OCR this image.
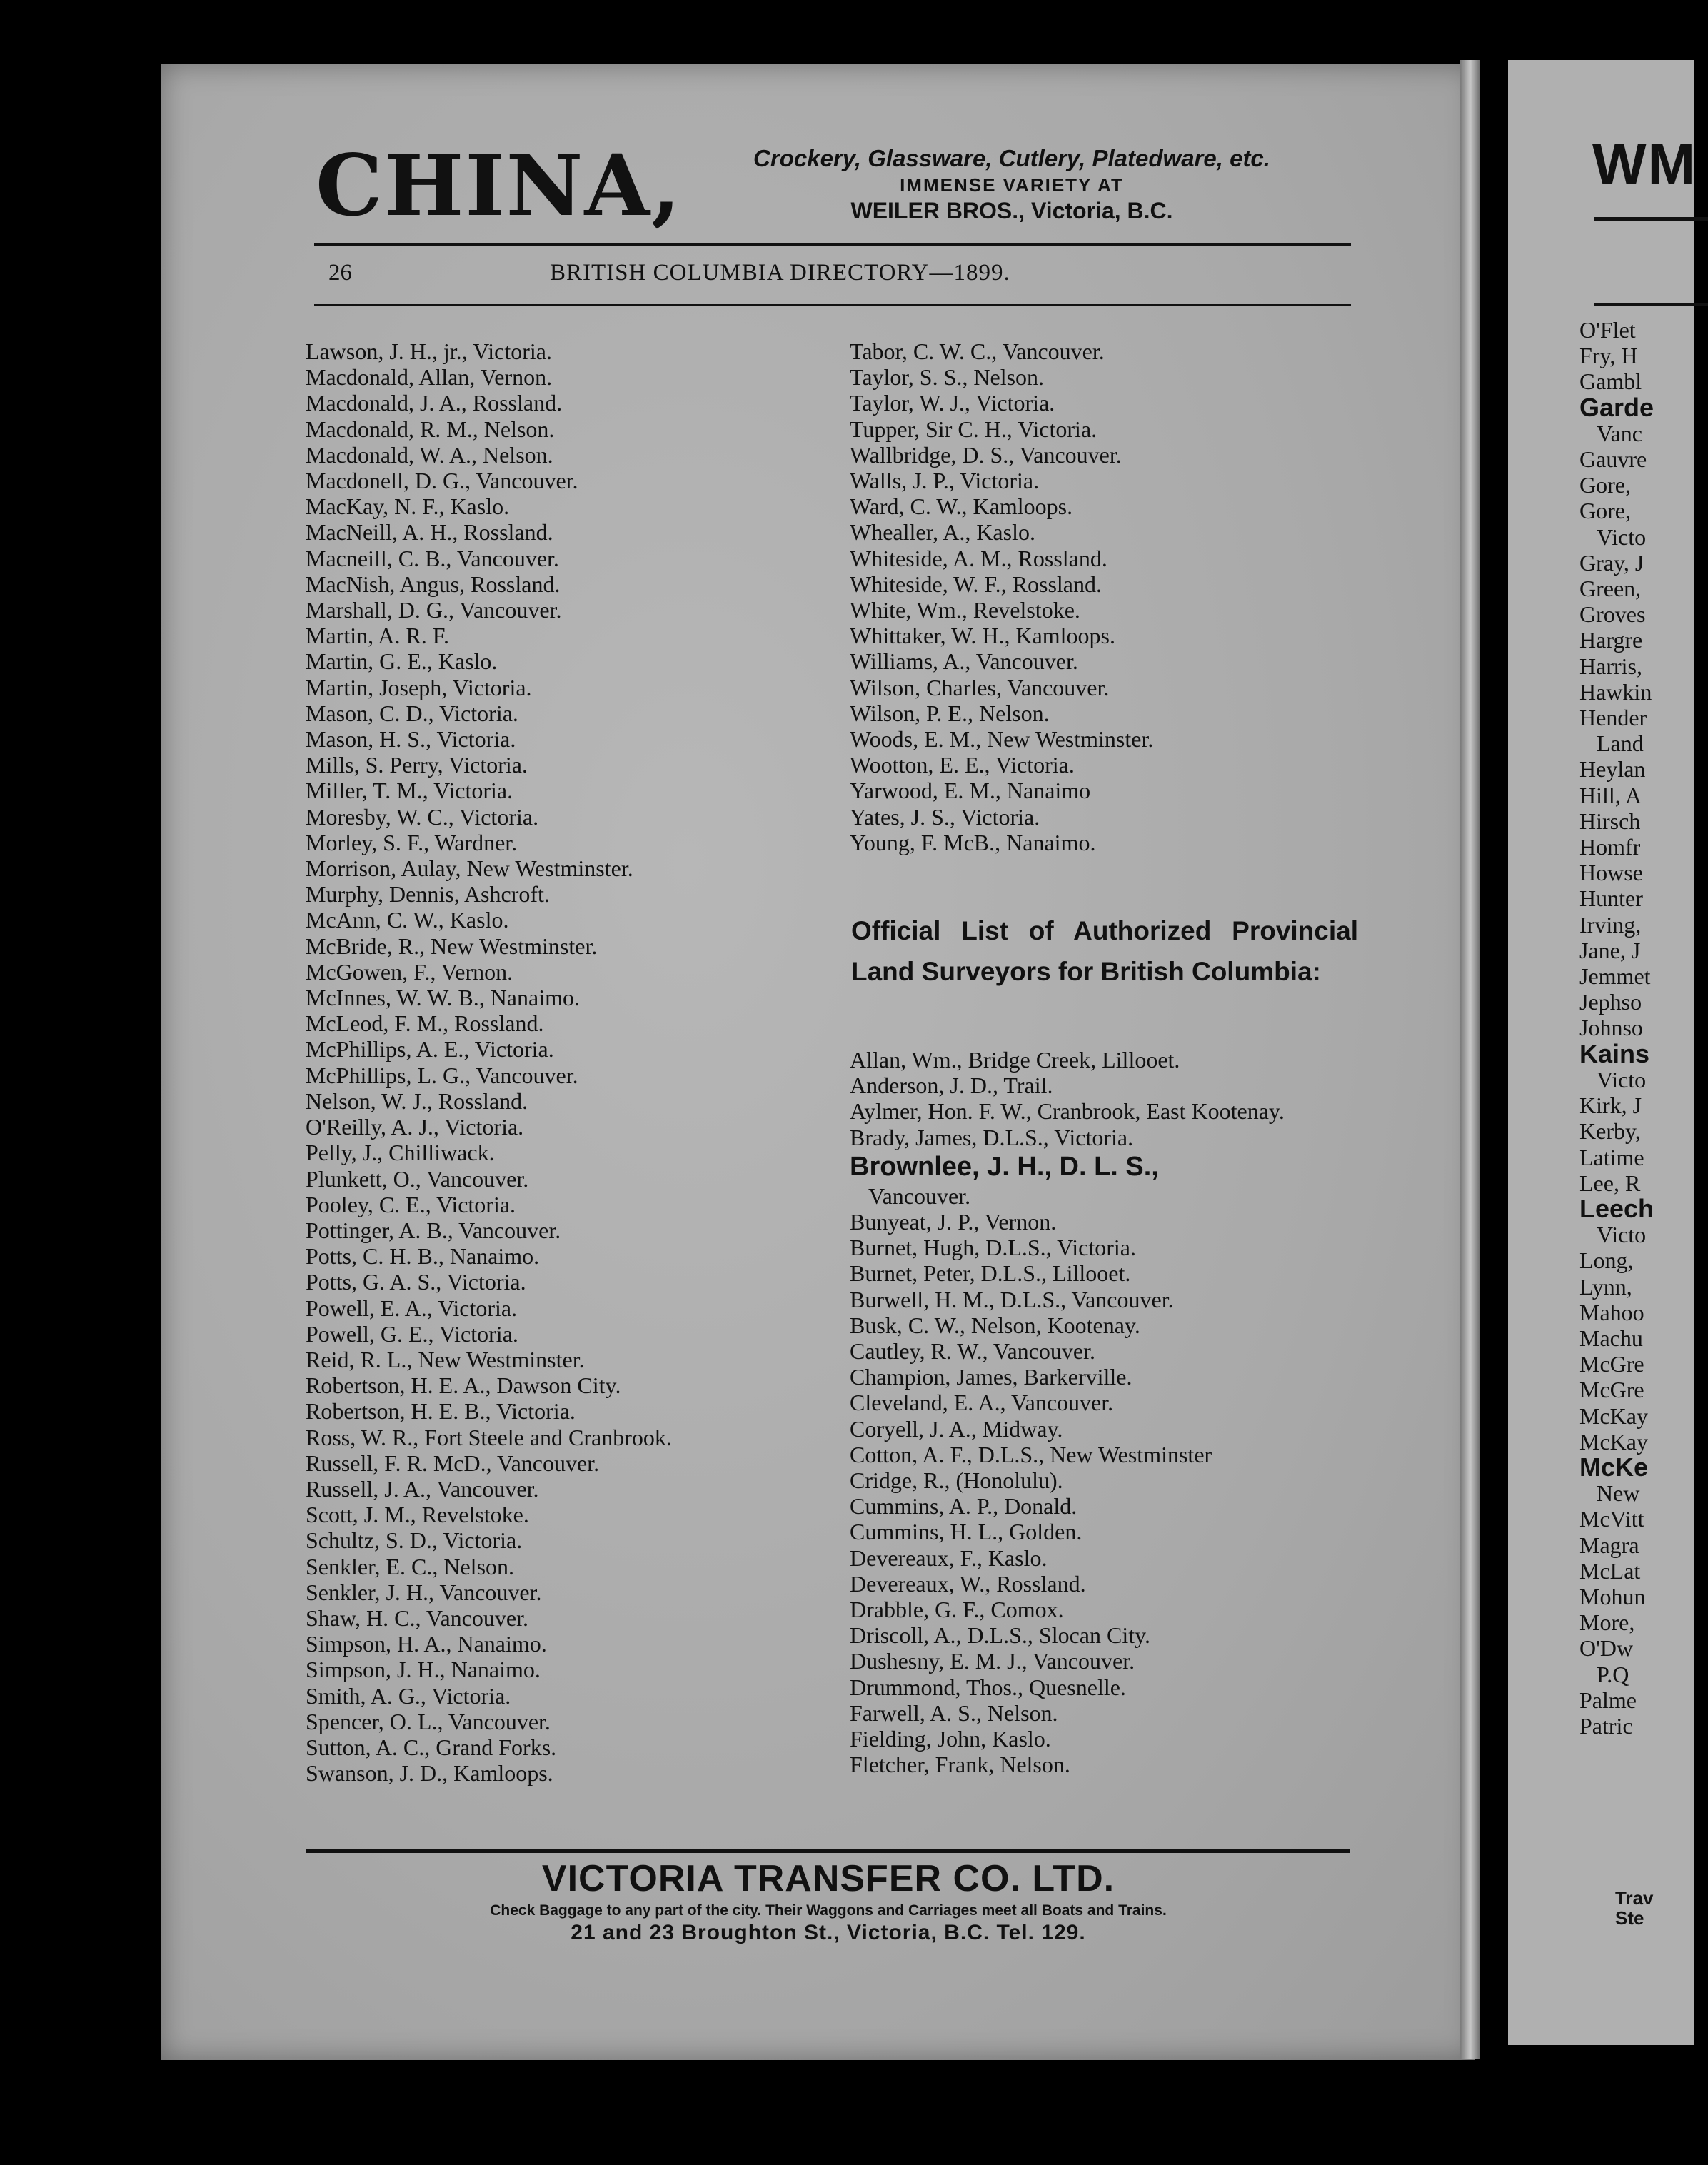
WM
O'Flet
Fry, H
Gambl
Garde
Vanc
Gauvre
Gore,
Gore,
Victo
Gray, J
Green,
Groves
Hargre
Harris,
Hawkin
Hender
Land
Heylan
Hill, A
Hirsch
Homfr
Howse
Hunter
Irving,
Jane, J
Jemmet
Jephso
Johnso
Kains
Victo
Kirk, J
Kerby,
Latime
Lee, R
Leech
Victo
Long,
Lynn,
Mahoo
Machu
McGre
McGre
McKay
McKay
McKe
New
McVitt
Magra
McLat
Mohun
More,
O'Dw
P.Q
Palme
Patric
Trav
Ste
CHINA,	Crockery, Glassware, Cutlery, Platedware, etc.
IMMENSE VARIETY AT
WEILER BROS., Victoria, B.C.
26	BRITISH COLUMBIA DIRECTORY—1899.
Lawson, J. H., jr., Victoria.
Macdonald, Allan, Vernon.
Macdonald, J. A., Rossland.
Macdonald, R. M., Nelson.
Macdonald, W. A., Nelson.
Macdonell, D. G., Vancouver.
MacKay, N. F., Kaslo.
MacNeill, A. H., Rossland.
Macneill, C. B., Vancouver.
MacNish, Angus, Rossland.
Marshall, D. G., Vancouver.
Martin, A. R. F.
Martin, G. E., Kaslo.
Martin, Joseph, Victoria.
Mason, C. D., Victoria.
Mason, H. S., Victoria.
Mills, S. Perry, Victoria.
Miller, T. M., Victoria.
Moresby, W. C., Victoria.
Morley, S. F., Wardner.
Morrison, Aulay, New Westminster.
Murphy, Dennis, Ashcroft.
McAnn, C. W., Kaslo.
McBride, R., New Westminster.
McGowen, F., Vernon.
McInnes, W. W. B., Nanaimo.
McLeod, F. M., Rossland.
McPhillips, A. E., Victoria.
McPhillips, L. G., Vancouver.
Nelson, W. J., Rossland.
O'Reilly, A. J., Victoria.
Pelly, J., Chilliwack.
Plunkett, O., Vancouver.
Pooley, C. E., Victoria.
Pottinger, A. B., Vancouver.
Potts, C. H. B., Nanaimo.
Potts, G. A. S., Victoria.
Powell, E. A., Victoria.
Powell, G. E., Victoria.
Reid, R. L., New Westminster.
Robertson, H. E. A., Dawson City.
Robertson, H. E. B., Victoria.
Ross, W. R., Fort Steele and Cranbrook.
Russell, F. R. McD., Vancouver.
Russell, J. A., Vancouver.
Scott, J. M., Revelstoke.
Schultz, S. D., Victoria.
Senkler, E. C., Nelson.
Senkler, J. H., Vancouver.
Shaw, H. C., Vancouver.
Simpson, H. A., Nanaimo.
Simpson, J. H., Nanaimo.
Smith, A. G., Victoria.
Spencer, O. L., Vancouver.
Sutton, A. C., Grand Forks.
Swanson, J. D., Kamloops.
Tabor, C. W. C., Vancouver.
Taylor, S. S., Nelson.
Taylor, W. J., Victoria.
Tupper, Sir C. H., Victoria.
Wallbridge, D. S., Vancouver.
Walls, J. P., Victoria.
Ward, C. W., Kamloops.
Whealler, A., Kaslo.
Whiteside, A. M., Rossland.
Whiteside, W. F., Rossland.
White, Wm., Revelstoke.
Whittaker, W. H., Kamloops.
Williams, A., Vancouver.
Wilson, Charles, Vancouver.
Wilson, P. E., Nelson.
Woods, E. M., New Westminster.
Wootton, E. E., Victoria.
Yarwood, E. M., Nanaimo
Yates, J. S., Victoria.
Young, F. McB., Nanaimo.
Official List of Authorized Provincial Land Surveyors for British Columbia:
Allan, Wm., Bridge Creek, Lillooet.
Anderson, J. D., Trail.
Aylmer, Hon. F. W., Cranbrook, East Kootenay.
Brady, James, D.L.S., Victoria.
Brownlee, J. H., D. L. S.,
Vancouver.
Bunyeat, J. P., Vernon.
Burnet, Hugh, D.L.S., Victoria.
Burnet, Peter, D.L.S., Lillooet.
Burwell, H. M., D.L.S., Vancouver.
Busk, C. W., Nelson, Kootenay.
Cautley, R. W., Vancouver.
Champion, James, Barkerville.
Cleveland, E. A., Vancouver.
Coryell, J. A., Midway.
Cotton, A. F., D.L.S., New Westminster
Cridge, R., (Honolulu).
Cummins, A. P., Donald.
Cummins, H. L., Golden.
Devereaux, F., Kaslo.
Devereaux, W., Rossland.
Drabble, G. F., Comox.
Driscoll, A., D.L.S., Slocan City.
Dushesny, E. M. J., Vancouver.
Drummond, Thos., Quesnelle.
Farwell, A. S., Nelson.
Fielding, John, Kaslo.
Fletcher, Frank, Nelson.
VICTORIA TRANSFER CO. LTD.
Check Baggage to any part of the city. Their Waggons and Carriages meet all Boats and Trains.
21 and 23 Broughton St., Victoria, B.C. Tel. 129.
